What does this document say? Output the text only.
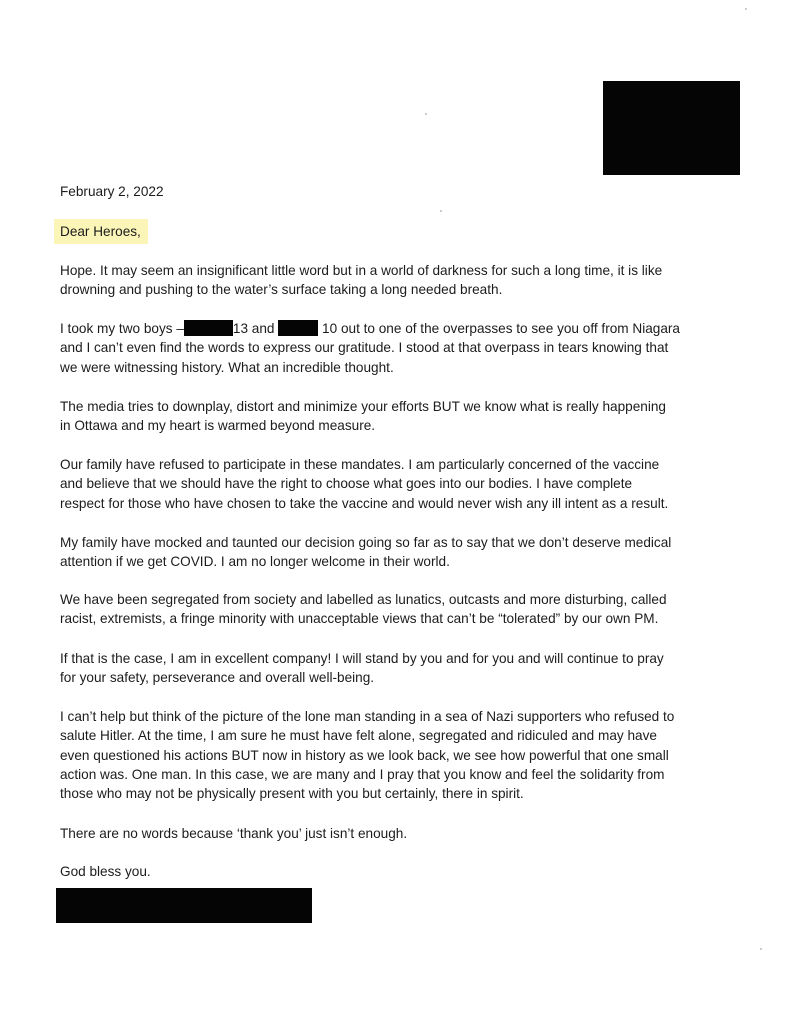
February 2, 2022
Dear Heroes,
Hope. It may seem an insignificant little word but in a world of darkness for such a long time, it is like
drowning and pushing to the water’s surface taking a long needed breath.
I took my two boys –	13 and	10 out to one of the overpasses to see you off from Niagara
and I can’t even find the words to express our gratitude. I stood at that overpass in tears knowing that
we were witnessing history. What an incredible thought.
The media tries to downplay, distort and minimize your efforts BUT we know what is really happening
in Ottawa and my heart is warmed beyond measure.
Our family have refused to participate in these mandates. I am particularly concerned of the vaccine
and believe that we should have the right to choose what goes into our bodies. I have complete
respect for those who have chosen to take the vaccine and would never wish any ill intent as a result.
My family have mocked and taunted our decision going so far as to say that we don’t deserve medical
attention if we get COVID. I am no longer welcome in their world.
We have been segregated from society and labelled as lunatics, outcasts and more disturbing, called
racist, extremists, a fringe minority with unacceptable views that can’t be “tolerated” by our own PM.
If that is the case, I am in excellent company! I will stand by you and for you and will continue to pray
for your safety, perseverance and overall well-being.
I can’t help but think of the picture of the lone man standing in a sea of Nazi supporters who refused to
salute Hitler. At the time, I am sure he must have felt alone, segregated and ridiculed and may have
even questioned his actions BUT now in history as we look back, we see how powerful that one small
action was. One man. In this case, we are many and I pray that you know and feel the solidarity from
those who may not be physically present with you but certainly, there in spirit.
There are no words because ‘thank you’ just isn’t enough.
God bless you.
